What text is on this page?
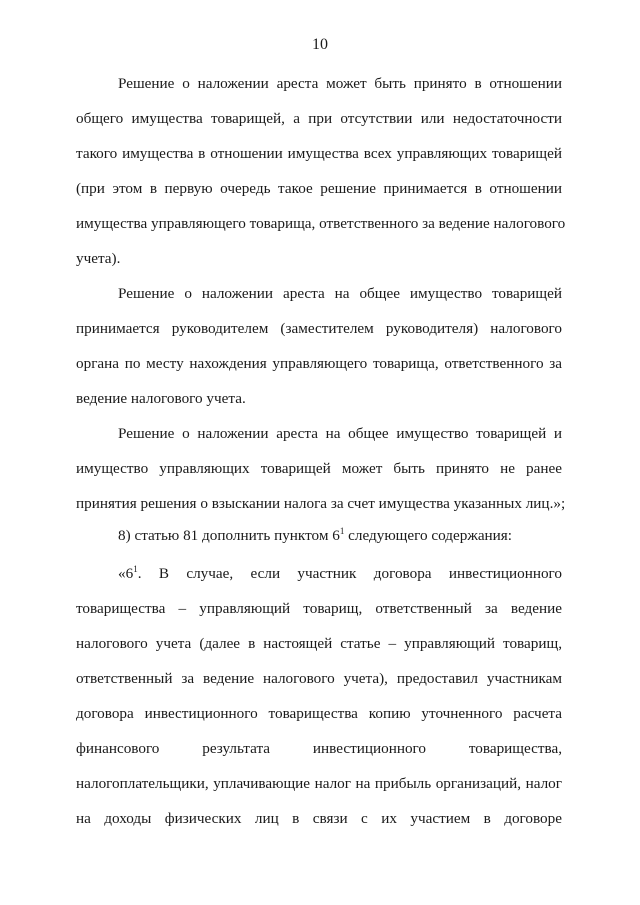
10
Решение о наложении ареста может быть принято в отношении
общего имущества товарищей, а при отсутствии или недостаточности
такого имущества в отношении имущества всех управляющих товарищей
(при этом в первую очередь такое решение принимается в отношении
имущества управляющего товарища, ответственного за ведение налогового
учета).
Решение о наложении ареста на общее имущество товарищей
принимается руководителем (заместителем руководителя) налогового
органа по месту нахождения управляющего товарища, ответственного за
ведение налогового учета.
Решение о наложении ареста на общее имущество товарищей и
имущество управляющих товарищей может быть принято не ранее
принятия решения о взыскании налога за счет имущества указанных лиц.»;
8) статью 81 дополнить пунктом $6^1$ следующего содержания:
«$6^1$. В случае, если участник договора инвестиционного
товарищества – управляющий товарищ, ответственный за ведение
налогового учета (далее в настоящей статье – управляющий товарищ,
ответственный за ведение налогового учета), предоставил участникам
договора инвестиционного товарищества копию уточненного расчета
финансового результата инвестиционного товарищества,
налогоплательщики, уплачивающие налог на прибыль организаций, налог
на доходы физических лиц в связи с их участием в договоре
